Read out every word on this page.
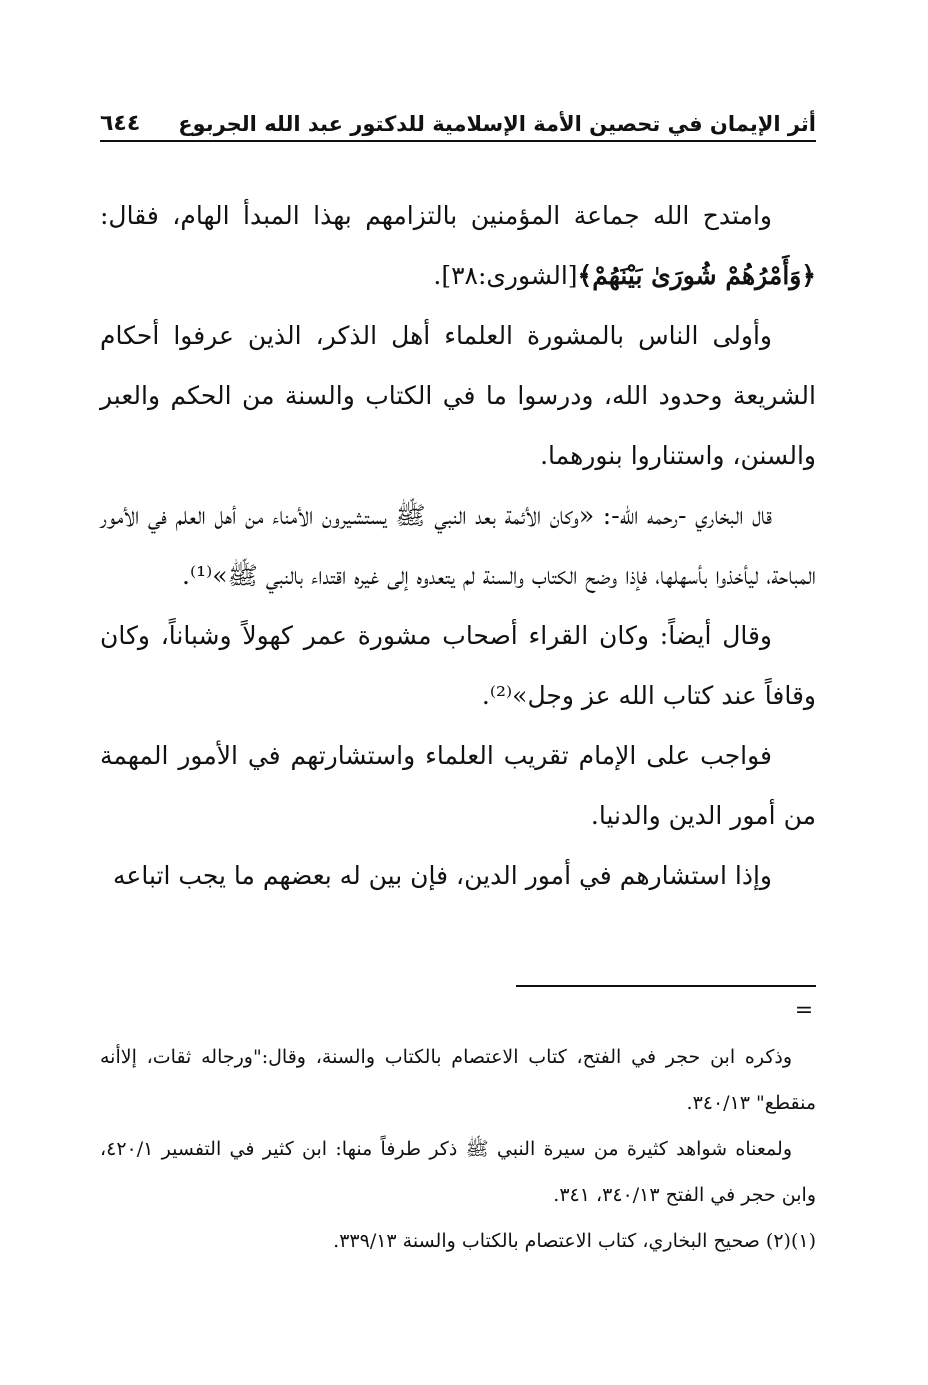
أثر الإيمان في تحصين الأمة الإسلامية للدكتور عبد الله الجربوع
٦٤٤

وامتدح الله جماعة المؤمنين بالتزامهم بهذا المبدأ الهام، فقال: ﴿وَأَمْرُهُمْ شُورَىٰ بَيْنَهُمْ﴾[الشورى:٣٨].

وأولى الناس بالمشورة العلماء أهل الذكر، الذين عرفوا أحكام الشريعة وحدود الله، ودرسوا ما في الكتاب والسنة من الحكم والعبر والسنن، واستناروا بنورهما.

قال البخاري -رحمه الله-: «وكان الأئمة بعد النبي ﷺ يستشيرون الأمناء من أهل العلم في الأمور المباحة، ليأخذوا بأسهلها، فإذا وضح الكتاب والسنة لم يتعدوه إلى غيره اقتداء بالنبي ﷺ»⁽¹⁾.

وقال أيضاً: وكان القراء أصحاب مشورة عمر كهولاً وشباناً، وكان وقافاً عند كتاب الله عز وجل»⁽²⁾.

فواجب على الإمام تقريب العلماء واستشارتهم في الأمور المهمة من أمور الدين والدنيا.

وإذا استشارهم في أمور الدين، فإن بين له بعضهم ما يجب اتباعه

=

وذكره ابن حجر في الفتح، كتاب الاعتصام بالكتاب والسنة، وقال:"ورجاله ثقات، إلاأنه منقطع" ٣٤٠/١٣.

ولمعناه شواهد كثيرة من سيرة النبي ﷺ ذكر طرفاً منها: ابن كثير في التفسير ٤٢٠/١، وابن حجر في الفتح ٣٤٠/١٣، ٣٤١.

(١)(٢) صحيح البخاري، كتاب الاعتصام بالكتاب والسنة ٣٣٩/١٣.
